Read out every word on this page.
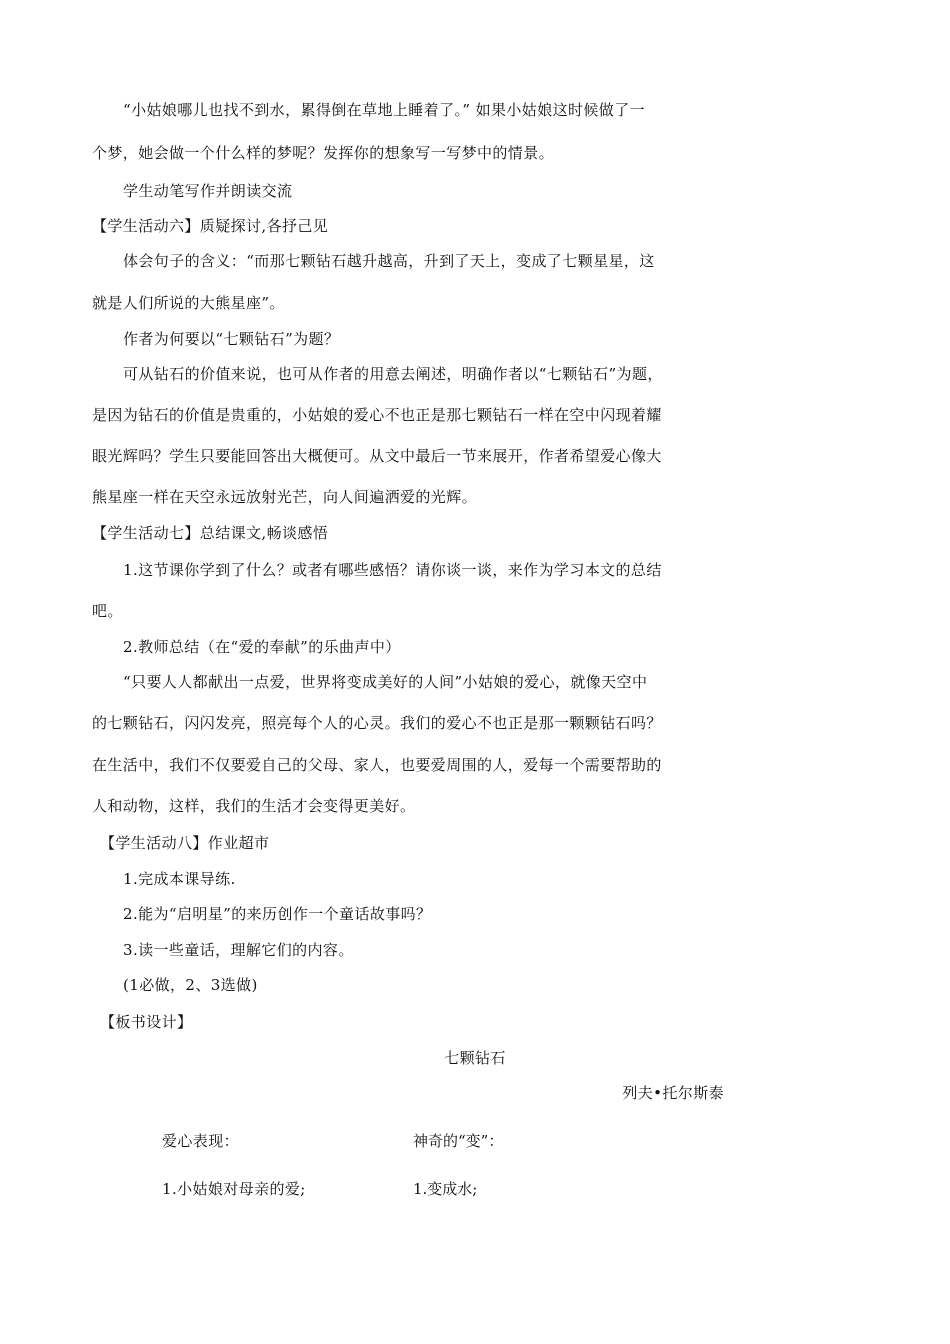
“小姑娘哪儿也找不到水，累得倒在草地上睡着了。” 如果小姑娘这时候做了一
个梦，她会做一个什么样的梦呢？发挥你的想象写一写梦中的情景。
学生动笔写作并朗读交流
【学生活动六】质疑探讨,各抒己见
体会句子的含义：“而那七颗钻石越升越高，升到了天上，变成了七颗星星，这
就是人们所说的大熊星座”。
作者为何要以“七颗钻石”为题？
可从钻石的价值来说，也可从作者的用意去阐述，明确作者以“七颗钻石”为题，
是因为钻石的价值是贵重的，小姑娘的爱心不也正是那七颗钻石一样在空中闪现着耀
眼光辉吗？学生只要能回答出大概便可。从文中最后一节来展开，作者希望爱心像大
熊星座一样在天空永远放射光芒，向人间遍洒爱的光辉。
【学生活动七】总结课文,畅谈感悟
1.这节课你学到了什么？或者有哪些感悟？请你谈一谈，来作为学习本文的总结
吧。
2.教师总结（在“爱的奉献”的乐曲声中）
“只要人人都献出一点爱，世界将变成美好的人间”小姑娘的爱心，就像天空中
的七颗钻石，闪闪发亮，照亮每个人的心灵。我们的爱心不也正是那一颗颗钻石吗？
在生活中，我们不仅要爱自己的父母、家人，也要爱周围的人，爱每一个需要帮助的
人和动物，这样，我们的生活才会变得更美好。
【学生活动八】作业超市
1.完成本课导练.
2.能为“启明星”的来历创作一个童话故事吗？
3.读一些童话，理解它们的内容。
(1必做，2、3选做)
【板书设计】
七颗钻石
列夫•托尔斯泰
爱心表现：	神奇的“变”：
1.小姑娘对母亲的爱;	1.变成水;
